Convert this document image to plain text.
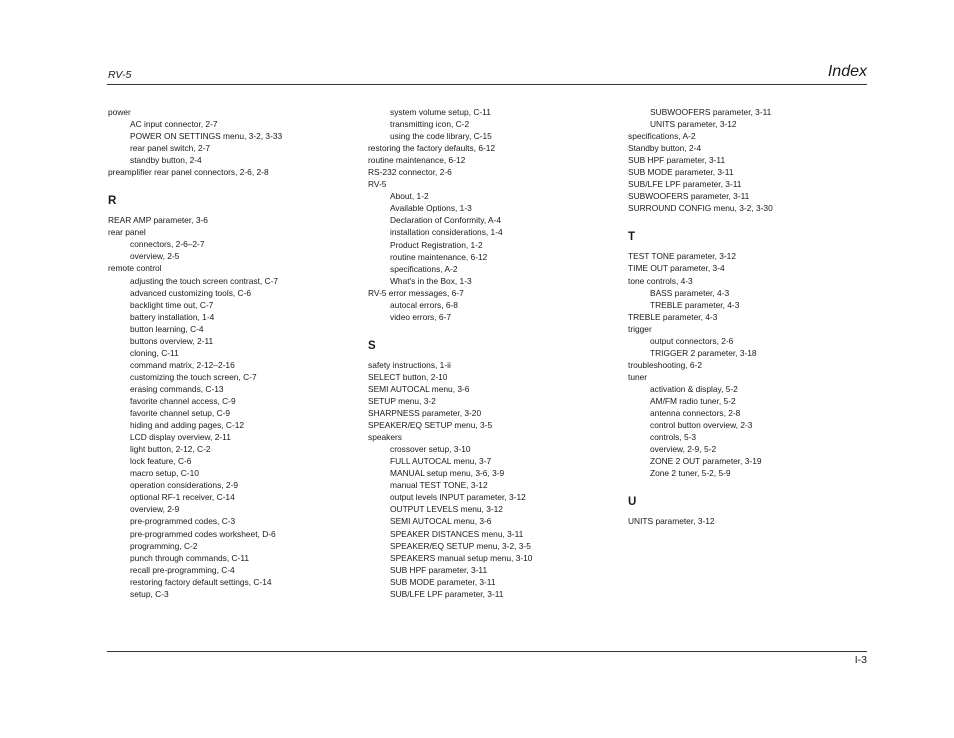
RV-5	Index
power
AC input connector, 2-7
POWER ON SETTINGS menu, 3-2, 3-33
rear panel switch, 2-7
standby button, 2-4
preamplifier rear panel connectors, 2-6, 2-8
R
REAR AMP parameter, 3-6
rear panel
connectors, 2-6–2-7
overview, 2-5
remote control
adjusting the touch screen contrast, C-7
advanced customizing tools, C-6
backlight time out, C-7
battery installation, 1-4
button learning, C-4
buttons overview, 2-11
cloning, C-11
command matrix, 2-12–2-16
customizing the touch screen, C-7
erasing commands, C-13
favorite channel access, C-9
favorite channel setup, C-9
hiding and adding pages, C-12
LCD display overview, 2-11
light button, 2-12, C-2
lock feature, C-6
macro setup, C-10
operation considerations, 2-9
optional RF-1 receiver, C-14
overview, 2-9
pre-programmed codes, C-3
pre-programmed codes worksheet, D-6
programming, C-2
punch through commands, C-11
recall pre-programming, C-4
restoring factory default settings, C-14
setup, C-3
system volume setup, C-11
transmitting icon, C-2
using the code library, C-15
restoring the factory defaults, 6-12
routine maintenance, 6-12
RS-232 connector, 2-6
RV-5
About, 1-2
Available Options, 1-3
Declaration of Conformity, A-4
installation considerations, 1-4
Product Registration, 1-2
routine maintenance, 6-12
specifications, A-2
What's in the Box, 1-3
RV-5 error messages, 6-7
autocal errors, 6-8
video errors, 6-7
S
safety instructions, 1-ii
SELECT button, 2-10
SEMI AUTOCAL menu, 3-6
SETUP menu, 3-2
SHARPNESS parameter, 3-20
SPEAKER/EQ SETUP menu, 3-5
speakers
crossover setup, 3-10
FULL AUTOCAL menu, 3-7
MANUAL setup menu, 3-6, 3-9
manual TEST TONE, 3-12
output levels INPUT parameter, 3-12
OUTPUT LEVELS menu, 3-12
SEMI AUTOCAL menu, 3-6
SPEAKER DISTANCES menu, 3-11
SPEAKER/EQ SETUP menu, 3-2, 3-5
SPEAKERS manual setup menu, 3-10
SUB HPF parameter, 3-11
SUB MODE parameter, 3-11
SUB/LFE LPF parameter, 3-11
SUBWOOFERS parameter, 3-11
UNITS parameter, 3-12
specifications, A-2
Standby button, 2-4
SUB HPF parameter, 3-11
SUB MODE parameter, 3-11
SUB/LFE LPF parameter, 3-11
SUBWOOFERS parameter, 3-11
SURROUND CONFIG menu, 3-2, 3-30
T
TEST TONE parameter, 3-12
TIME OUT parameter, 3-4
tone controls, 4-3
BASS parameter, 4-3
TREBLE parameter, 4-3
TREBLE parameter, 4-3
trigger
output connectors, 2-6
TRIGGER 2 parameter, 3-18
troubleshooting, 6-2
tuner
activation & display, 5-2
AM/FM radio tuner, 5-2
antenna connectors, 2-8
control button overview, 2-3
controls, 5-3
overview, 2-9, 5-2
ZONE 2 OUT parameter, 3-19
Zone 2 tuner, 5-2, 5-9
U
UNITS parameter, 3-12
I-3
